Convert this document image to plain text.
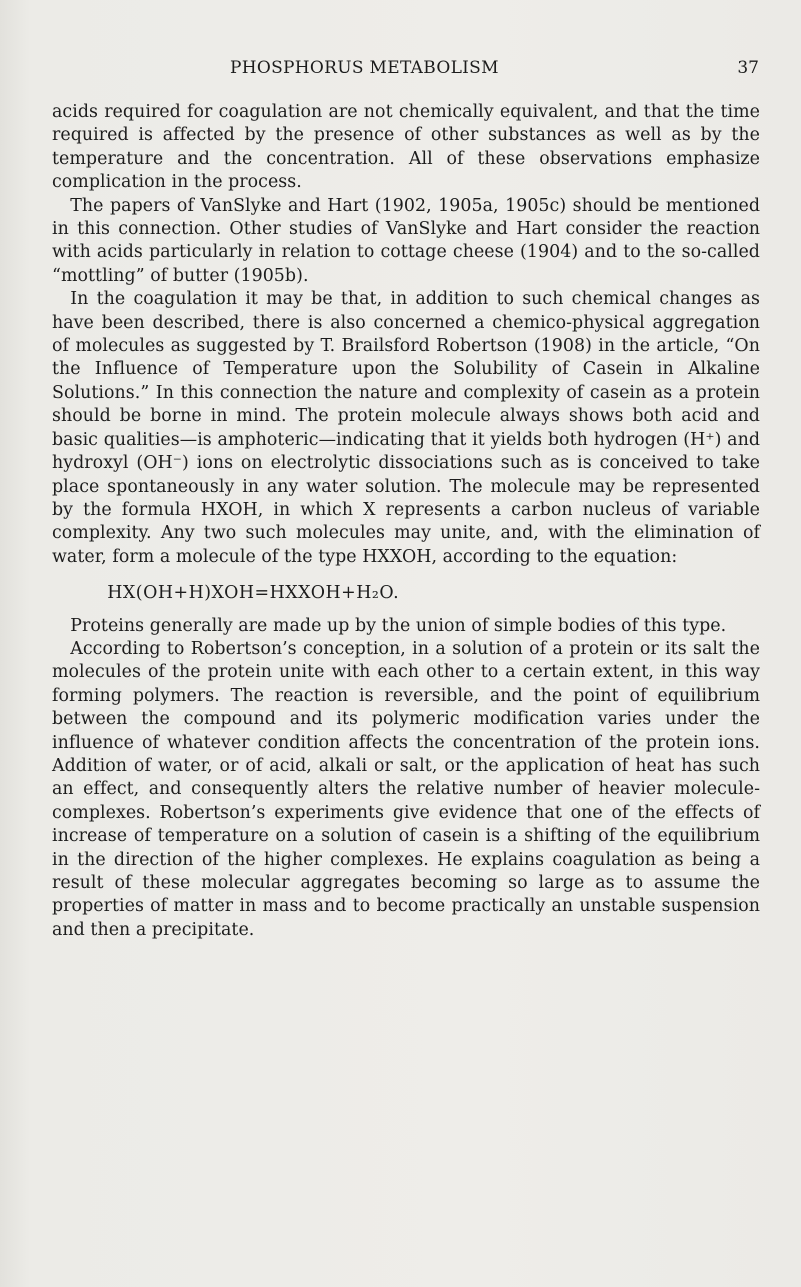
PHOSPHORUS METABOLISM	37

acids required for coagulation are not chemically equivalent, and that the time required is affected by the presence of other substances as well as by the temperature and the concentration. All of these observations emphasize complication in the process.

The papers of VanSlyke and Hart (1902, 1905a, 1905c) should be mentioned in this connection. Other studies of VanSlyke and Hart consider the reaction with acids particularly in relation to cottage cheese (1904) and to the so-called “mottling” of butter (1905b).

In the coagulation it may be that, in addition to such chemical changes as have been described, there is also concerned a chemico-physical aggregation of molecules as suggested by T. Brailsford Robertson (1908) in the article, “On the Influence of Temperature upon the Solubility of Casein in Alkaline Solutions.” In this connection the nature and complexity of casein as a protein should be borne in mind. The protein molecule always shows both acid and basic qualities—is amphoteric—indicating that it yields both hydrogen (H⁺) and hydroxyl (OH⁻) ions on electrolytic dissociations such as is conceived to take place spontaneously in any water solution. The molecule may be represented by the formula HXOH, in which X represents a carbon nucleus of variable complexity. Any two such molecules may unite, and, with the elimination of water, form a molecule of the type HXXOH, according to the equation:

HX(OH+H)XOH=HXXOH+H₂O.

Proteins generally are made up by the union of simple bodies of this type.

According to Robertson’s conception, in a solution of a protein or its salt the molecules of the protein unite with each other to a certain extent, in this way forming polymers. The reaction is reversible, and the point of equilibrium between the compound and its polymeric modification varies under the influence of whatever condition affects the concentration of the protein ions. Addition of water, or of acid, alkali or salt, or the application of heat has such an effect, and consequently alters the relative number of heavier molecule-complexes. Robertson’s experiments give evidence that one of the effects of increase of temperature on a solution of casein is a shifting of the equilibrium in the direction of the higher complexes. He explains coagulation as being a result of these molecular aggregates becoming so large as to assume the properties of matter in mass and to become practically an unstable suspension and then a precipitate.
